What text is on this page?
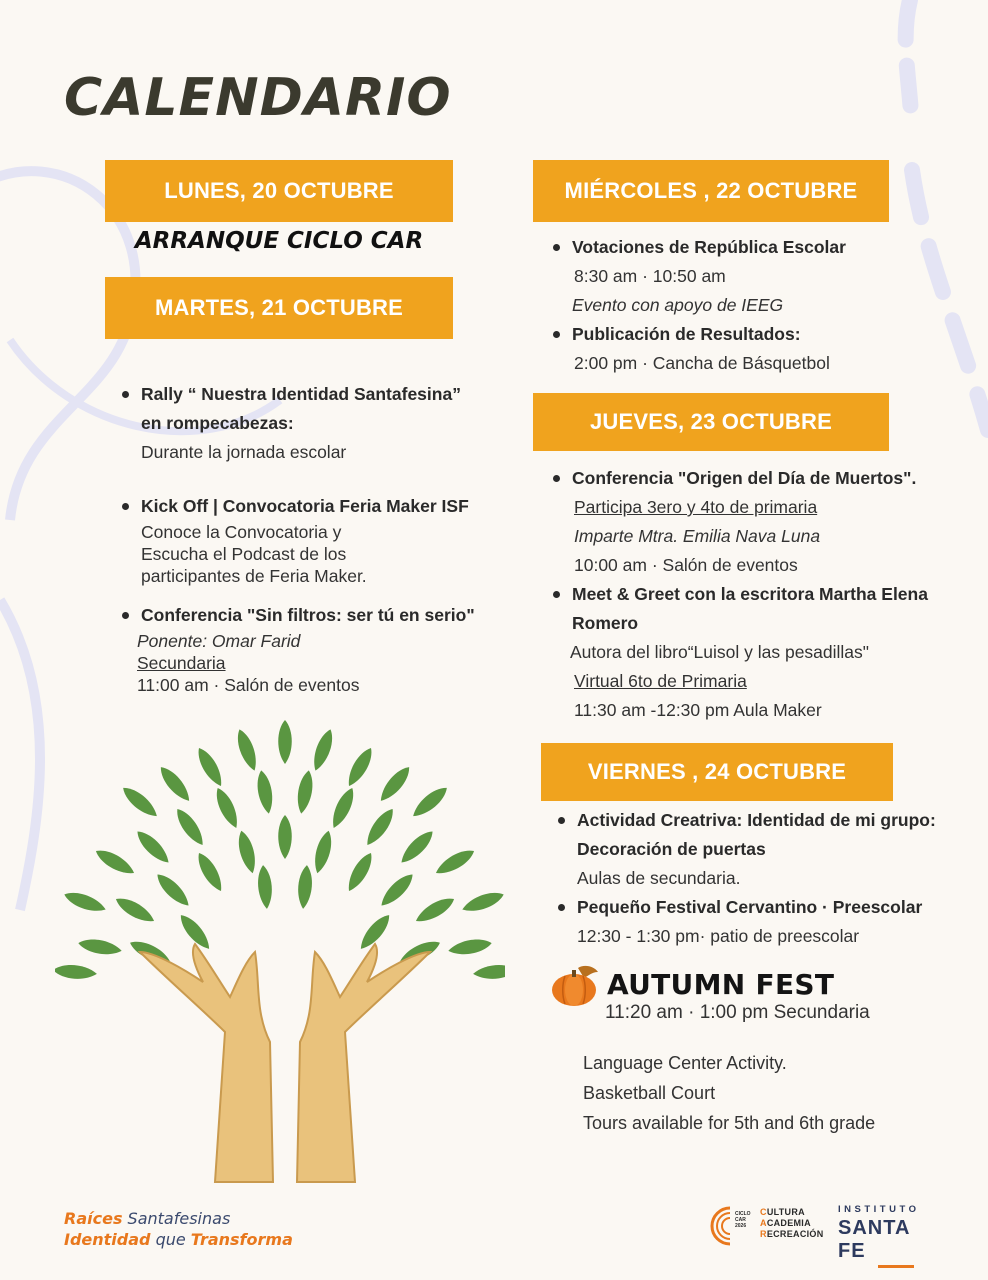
CALENDARIO
LUNES, 20 OCTUBRE
ARRANQUE CICLO CAR
MARTES, 21 OCTUBRE
Rally “ Nuestra Identidad Santafesina”
en rompecabezas:
Durante la jornada escolar
Kick Off | Convocatoria Feria Maker ISF
Conoce la Convocatoria y
Escucha el Podcast de los
participantes de Feria Maker.
Conferencia "Sin filtros: ser tú en serio"
Ponente: Omar Farid
Secundaria
11:00 am · Salón de eventos
MIÉRCOLES , 22 OCTUBRE
Votaciones de República Escolar
8:30 am · 10:50 am
Evento con apoyo de IEEG
Publicación de Resultados:
2:00 pm · Cancha de Básquetbol
JUEVES, 23 OCTUBRE
Conferencia "Origen del Día de Muertos".
Participa 3ero y 4to de primaria
Imparte Mtra. Emilia Nava Luna
10:00 am · Salón de eventos
Meet & Greet con la escritora Martha Elena
Romero
Autora del libro“Luisol y las pesadillas"
Virtual 6to de Primaria
11:30 am -12:30 pm Aula Maker
VIERNES , 24 OCTUBRE
Actividad Creatriva: Identidad de mi grupo:
Decoración de puertas
Aulas de secundaria.
Pequeño Festival Cervantino · Preescolar
12:30 - 1:30 pm· patio de preescolar
AUTUMN FEST
11:20 am · 1:00 pm Secundaria
Language Center Activity.
Basketball Court
Tours available for 5th and 6th grade
Raíces Santafesinas
Identidad que Transforma
CICLO
CAR
2026
CULTURA
ACADEMIA
RECREACIÓN
INSTITUTO
SANTA FE
